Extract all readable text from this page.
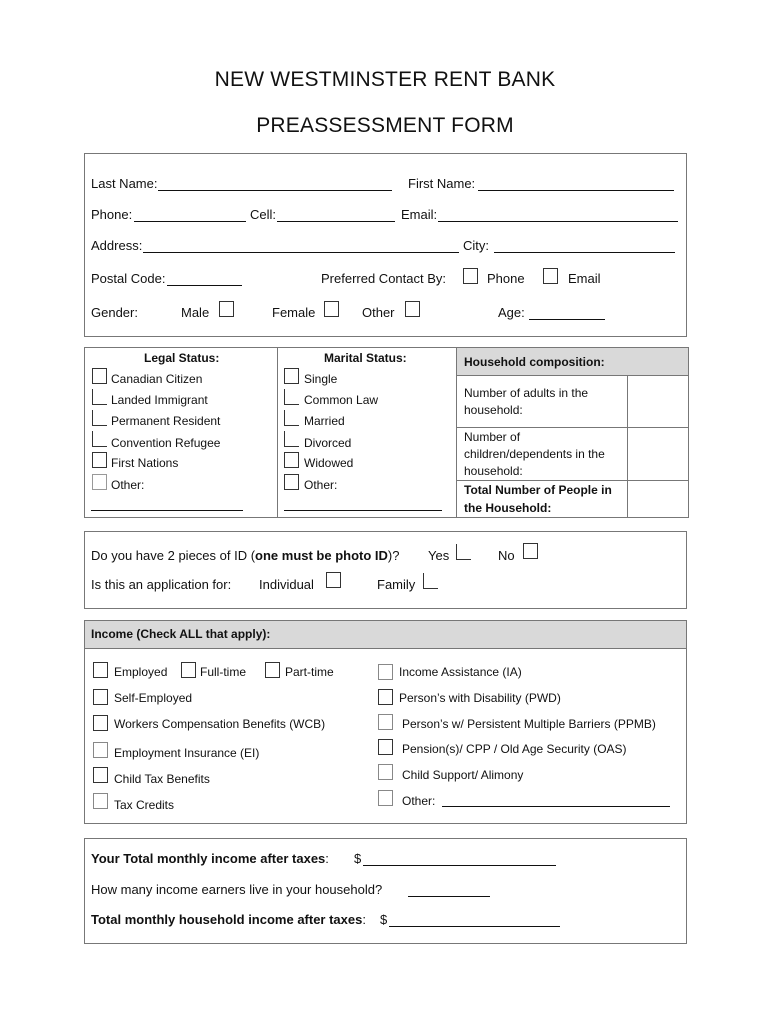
NEW WESTMINSTER RENT BANK
PREASSESSMENT FORM
Last Name:	First Name:
Phone:	Cell:	Email:
Address:	City:
Postal Code:	Preferred Contact By:	Phone	Email
Gender:	Male	Female	Other	Age:
Legal Status:
Canadian Citizen
Landed Immigrant
Permanent Resident
Convention Refugee
First Nations
Other:
Marital Status:
Single
Common Law
Married
Divorced
Widowed
Other:
Household composition:
Number of adults in the
household:
Number of
children/dependents in the
household:
Total Number of People in
the Household:
Do you have 2 pieces of ID (one must be photo ID)? Yes	No
Is this an application for: Individual	Family
Income (Check ALL that apply):
Employed	Full-time	Part-time
Self-Employed
Workers Compensation Benefits (WCB)
Employment Insurance (EI)
Child Tax Benefits
Tax Credits
Income Assistance (IA)
Person’s with Disability (PWD)
Person’s w/ Persistent Multiple Barriers (PPMB)
Pension(s)/ CPP / Old Age Security (OAS)
Child Support/ Alimony
Other:
Your Total monthly income after taxes: $
How many income earners live in your household?
Total monthly household income after taxes: $
